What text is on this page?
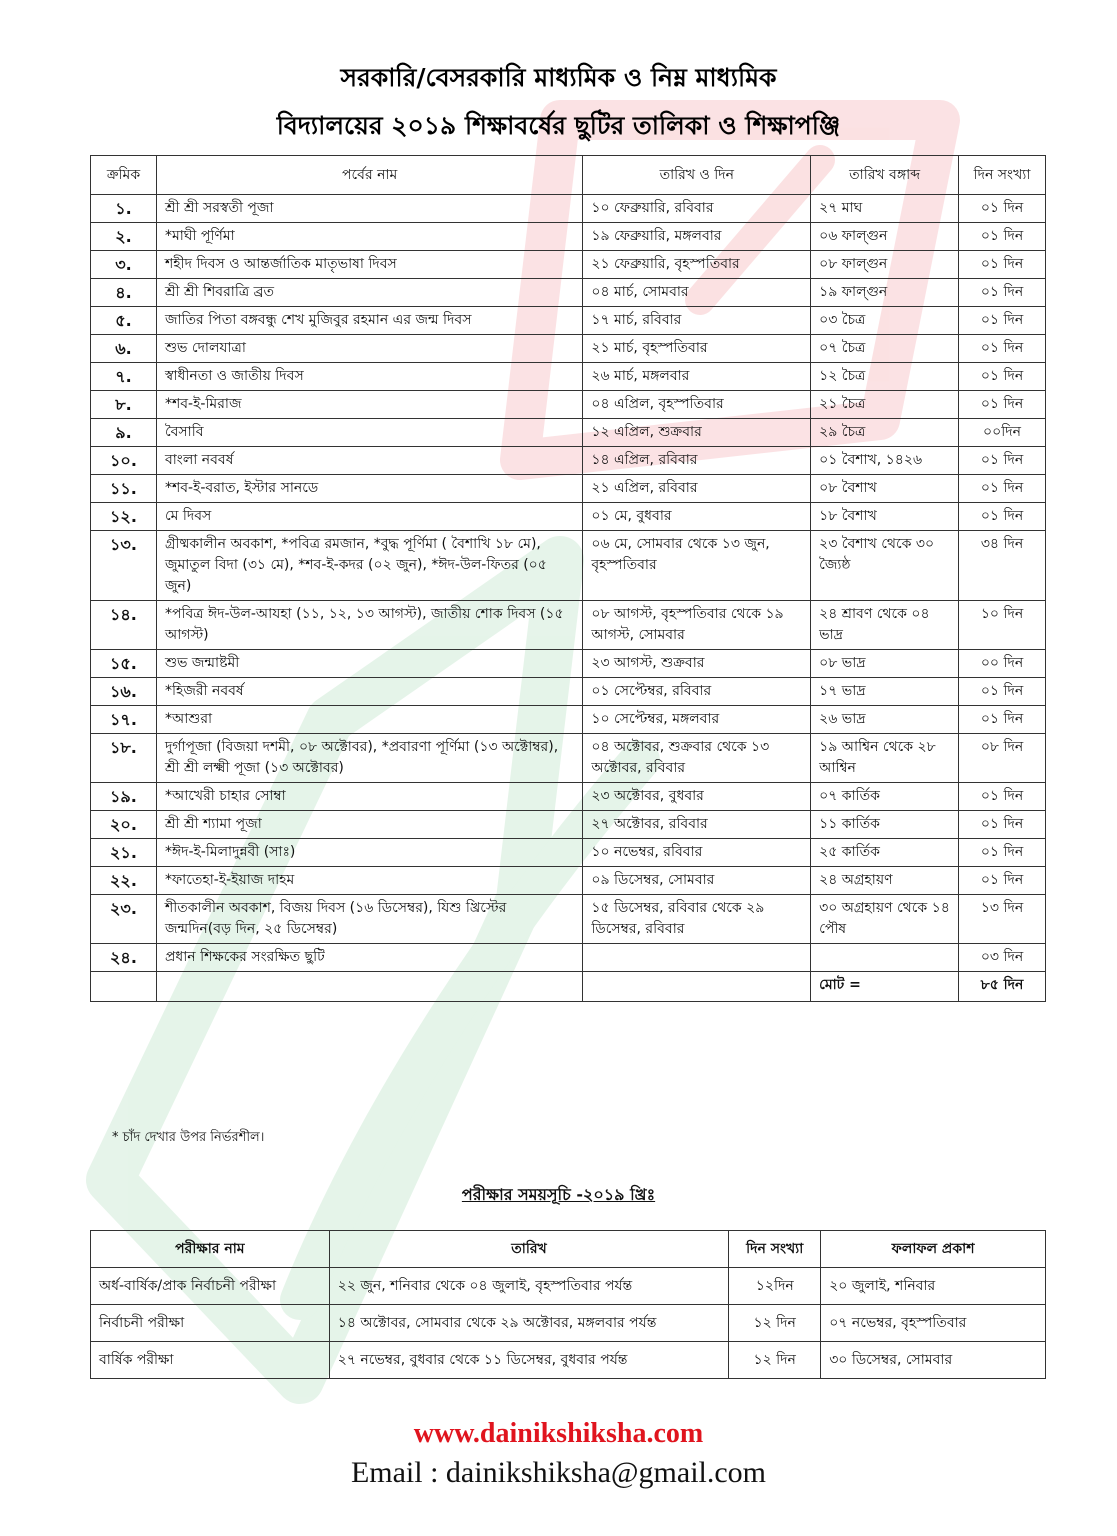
সরকারি/বেসরকারি মাধ্যমিক ও নিম্ন মাধ্যমিক
বিদ্যালয়ের ২০১৯ শিক্ষাবর্ষের ছুটির তালিকা ও শিক্ষাপঞ্জি
ক্রমিক	পর্বের নাম	তারিখ ও দিন	তারিখ বঙ্গাব্দ	দিন সংখ্যা
১.	শ্রী শ্রী সরস্বতী পূজা	১০ ফেব্রুয়ারি, রবিবার	২৭ মাঘ	০১ দিন
২.	*মাঘী পূর্ণিমা	১৯ ফেব্রুয়ারি, মঙ্গলবার	০৬ ফাল্গুন	০১ দিন
৩.	শহীদ দিবস ও আন্তর্জাতিক মাতৃভাষা দিবস	২১ ফেব্রুয়ারি, বৃহস্পতিবার	০৮ ফাল্গুন	০১ দিন
৪.	শ্রী শ্রী শিবরাত্রি ব্রত	০৪ মার্চ, সোমবার	১৯ ফাল্গুন	০১ দিন
৫.	জাতির পিতা বঙ্গবন্ধু শেখ মুজিবুর রহমান এর জন্ম দিবস	১৭ মার্চ, রবিবার	০৩ চৈত্র	০১ দিন
৬.	শুভ দোলযাত্রা	২১ মার্চ, বৃহস্পতিবার	০৭ চৈত্র	০১ দিন
৭.	স্বাধীনতা ও জাতীয় দিবস	২৬ মার্চ, মঙ্গলবার	১২ চৈত্র	০১ দিন
৮.	*শব-ই-মিরাজ	০৪ এপ্রিল, বৃহস্পতিবার	২১ চৈত্র	০১ দিন
৯.	বৈসাবি	১২ এপ্রিল, শুক্রবার	২৯ চৈত্র	০০দিন
১০.	বাংলা নববর্ষ	১৪ এপ্রিল, রবিবার	০১ বৈশাখ, ১৪২৬	০১ দিন
১১.	*শব-ই-বরাত, ইস্টার সানডে	২১ এপ্রিল, রবিবার	০৮ বৈশাখ	০১ দিন
১২.	মে দিবস	০১ মে, বুধবার	১৮ বৈশাখ	০১ দিন
১৩.	গ্রীষ্মকালীন অবকাশ, *পবিত্র রমজান, *বুদ্ধ পূর্ণিমা ( বৈশাখি ১৮ মে), জুমাতুল বিদা (৩১ মে), *শব-ই-কদর (০২ জুন), *ঈদ-উল-ফিতর (০৫ জুন)	০৬ মে, সোমবার থেকে ১৩ জুন, বৃহস্পতিবার	২৩ বৈশাখ থেকে ৩০ জ্যৈষ্ঠ	৩৪ দিন
১৪.	*পবিত্র ঈদ-উল-আযহা (১১, ১২, ১৩ আগস্ট), জাতীয় শোক দিবস (১৫ আগস্ট)	০৮ আগস্ট, বৃহস্পতিবার থেকে ১৯ আগস্ট, সোমবার	২৪ শ্রাবণ থেকে ০৪ ভাদ্র	১০ দিন
১৫.	শুভ জন্মাষ্টমী	২৩ আগস্ট, শুক্রবার	০৮ ভাদ্র	০০ দিন
১৬.	*হিজরী নববর্ষ	০১ সেপ্টেম্বর, রবিবার	১৭ ভাদ্র	০১ দিন
১৭.	*আশুরা	১০ সেপ্টেম্বর, মঙ্গলবার	২৬ ভাদ্র	০১ দিন
১৮.	দুর্গাপূজা (বিজয়া দশমী, ০৮ অক্টোবর), *প্রবারণা পূর্ণিমা (১৩ অক্টোম্বর), শ্রী শ্রী লক্ষ্মী পূজা (১৩ অক্টোবর)	০৪ অক্টোবর, শুক্রবার থেকে ১৩ অক্টোবর, রবিবার	১৯ আশ্বিন থেকে ২৮ আশ্বিন	০৮ দিন
১৯.	*আখেরী চাহার সোম্বা	২৩ অক্টোবর, বুধবার	০৭ কার্তিক	০১ দিন
২০.	শ্রী শ্রী শ্যামা পূজা	২৭ অক্টোবর, রবিবার	১১ কার্তিক	০১ দিন
২১.	*ঈদ-ই-মিলাদুন্নবী (সাঃ)	১০ নভেম্বর, রবিবার	২৫ কার্তিক	০১ দিন
২২.	*ফাতেহা-ই-ইয়াজ দাহম	০৯ ডিসেম্বর, সোমবার	২৪ অগ্রহায়ণ	০১ দিন
২৩.	শীতকালীন অবকাশ, বিজয় দিবস (১৬ ডিসেম্বর), যিশু খ্রিস্টের জন্মদিন(বড় দিন, ২৫ ডিসেম্বর)	১৫ ডিসেম্বর, রবিবার থেকে ২৯ ডিসেম্বর, রবিবার	৩০ অগ্রহায়ণ থেকে ১৪ পৌষ	১৩ দিন
২৪.	প্রধান শিক্ষকের সংরক্ষিত ছুটি			০৩ দিন
			মোট =	৮৫ দিন
* চাঁদ দেখার উপর নির্ভরশীল।
পরীক্ষার সময়সূচি -২০১৯ খ্রিঃ
পরীক্ষার নাম	তারিখ	দিন সংখ্যা	ফলাফল প্রকাশ
অর্ধ-বার্ষিক/প্রাক নির্বাচনী পরীক্ষা	২২ জুন, শনিবার থেকে ০৪ জুলাই, বৃহস্পতিবার পর্যন্ত	১২দিন	২০ জুলাই, শনিবার
নির্বাচনী পরীক্ষা	১৪ অক্টোবর, সোমবার থেকে ২৯ অক্টোবর, মঙ্গলবার পর্যন্ত	১২ দিন	০৭ নভেম্বর, বৃহস্পতিবার
বার্ষিক পরীক্ষা	২৭ নভেম্বর, বুধবার থেকে ১১ ডিসেম্বর, বুধবার পর্যন্ত	১২ দিন	৩০ ডিসেম্বর, সোমবার
www.dainikshiksha.com
Email : dainikshiksha@gmail.com
